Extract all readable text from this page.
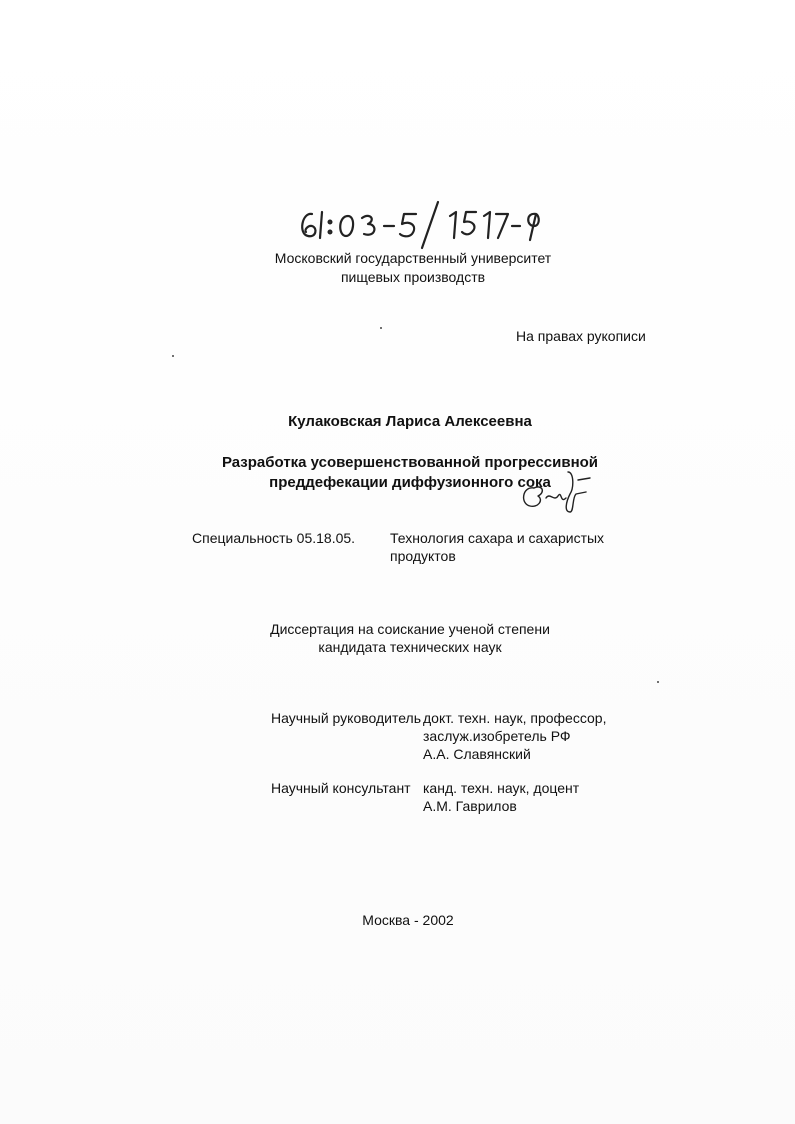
Московский государственный университет
пищевых производств
На правах рукописи
Кулаковская Лариса Алексеевна
Разработка усовершенствованной прогрессивной
преддефекации диффузионного сока
Специальность 05.18.05. Технология сахара и сахаристых
продуктов
Диссертация на соискание ученой степени
кандидата технических наук
Научный руководитель докт. техн. наук, профессор,
заслуж.изобретель РФ
А.А. Славянский
Научный консультант канд. техн. наук, доцент
А.М. Гаврилов
Москва - 2002
